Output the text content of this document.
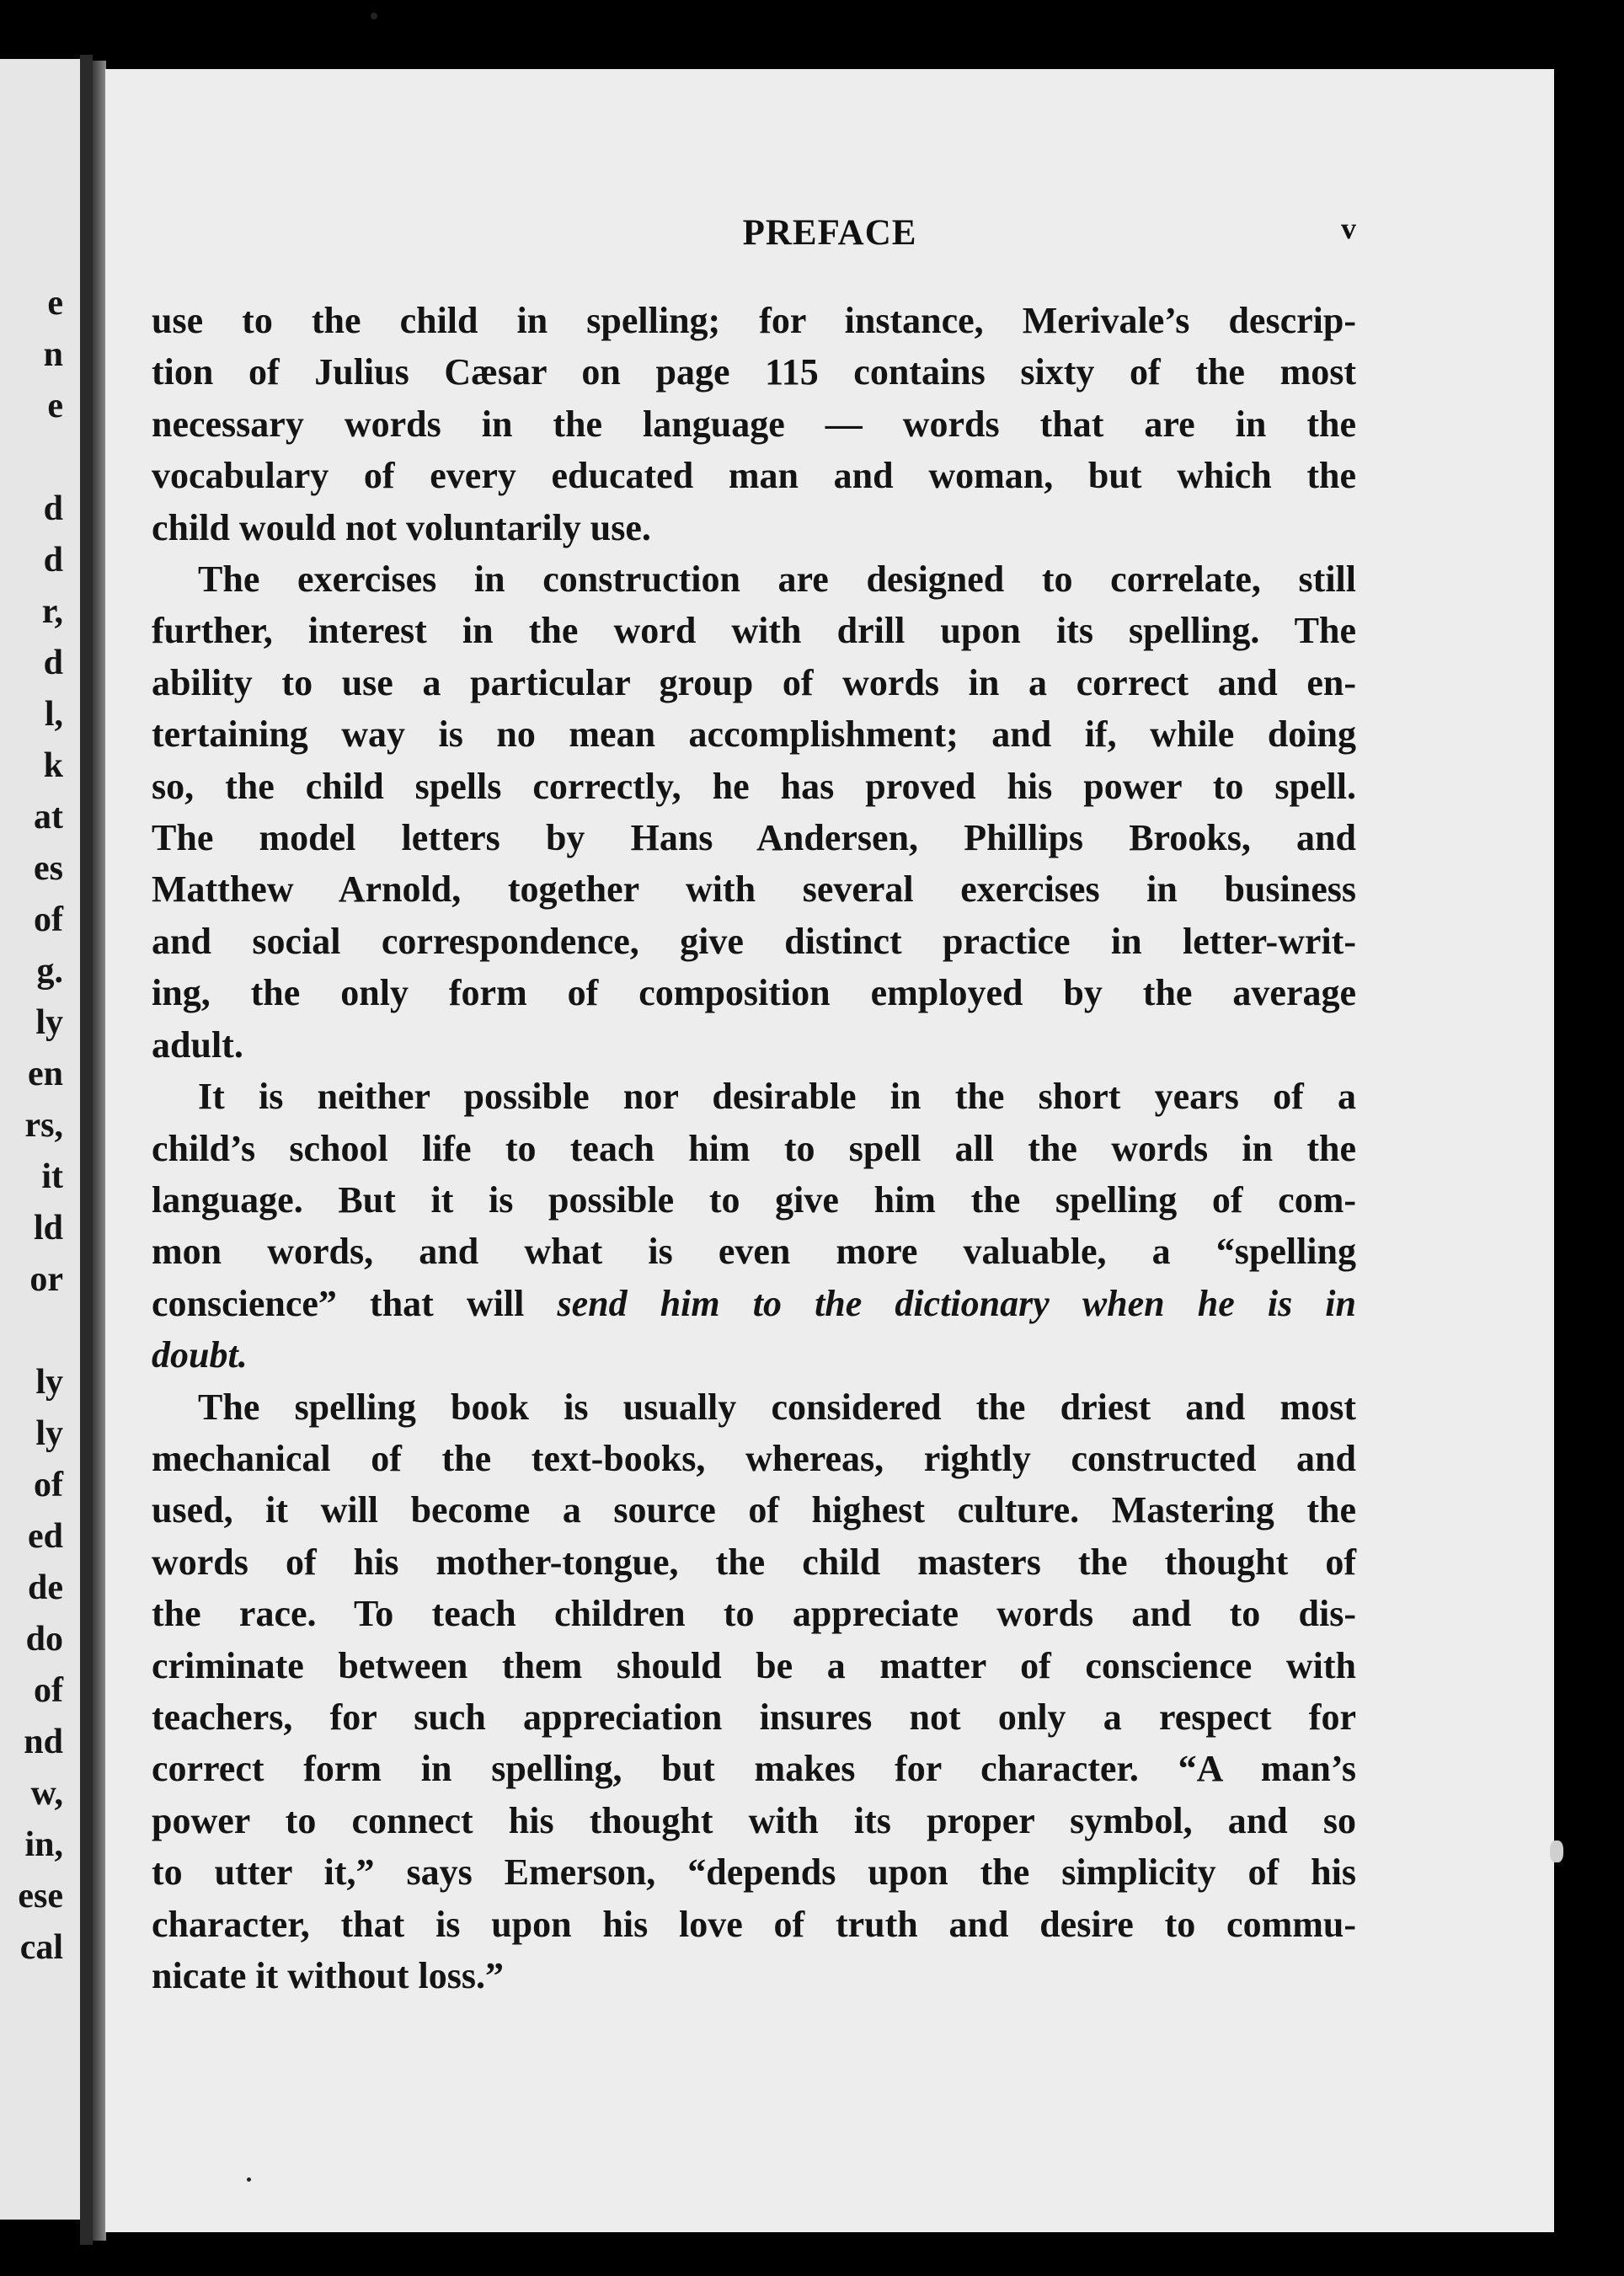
e
n
e
d
d
r,
d
l,
k
at
es
of
g.
ly
en
rs,
it
ld
or
ly
ly
of
ed
de
do
of
nd
w,
in,
ese
cal
PREFACE	v

use to the child in spelling; for instance, Merivale’s descrip-
tion of Julius Cæsar on page 115 contains sixty of the most
necessary words in the language — words that are in the
vocabulary of every educated man and woman, but which the
child would not voluntarily use.

The exercises in construction are designed to correlate, still
further, interest in the word with drill upon its spelling. The
ability to use a particular group of words in a correct and en-
tertaining way is no mean accomplishment; and if, while doing
so, the child spells correctly, he has proved his power to spell.
The model letters by Hans Andersen, Phillips Brooks, and
Matthew Arnold, together with several exercises in business
and social correspondence, give distinct practice in letter-writ-
ing, the only form of composition employed by the average
adult.

It is neither possible nor desirable in the short years of a
child’s school life to teach him to spell all the words in the
language. But it is possible to give him the spelling of com-
mon words, and what is even more valuable, a “spelling
conscience” that will send him to the dictionary when he is in
doubt.

The spelling book is usually considered the driest and most
mechanical of the text-books, whereas, rightly constructed and
used, it will become a source of highest culture. Mastering the
words of his mother-tongue, the child masters the thought of
the race. To teach children to appreciate words and to dis-
criminate between them should be a matter of conscience with
teachers, for such appreciation insures not only a respect for
correct form in spelling, but makes for character. “A man’s
power to connect his thought with its proper symbol, and so
to utter it,” says Emerson, “depends upon the simplicity of his
character, that is upon his love of truth and desire to commu-
nicate it without loss.”
